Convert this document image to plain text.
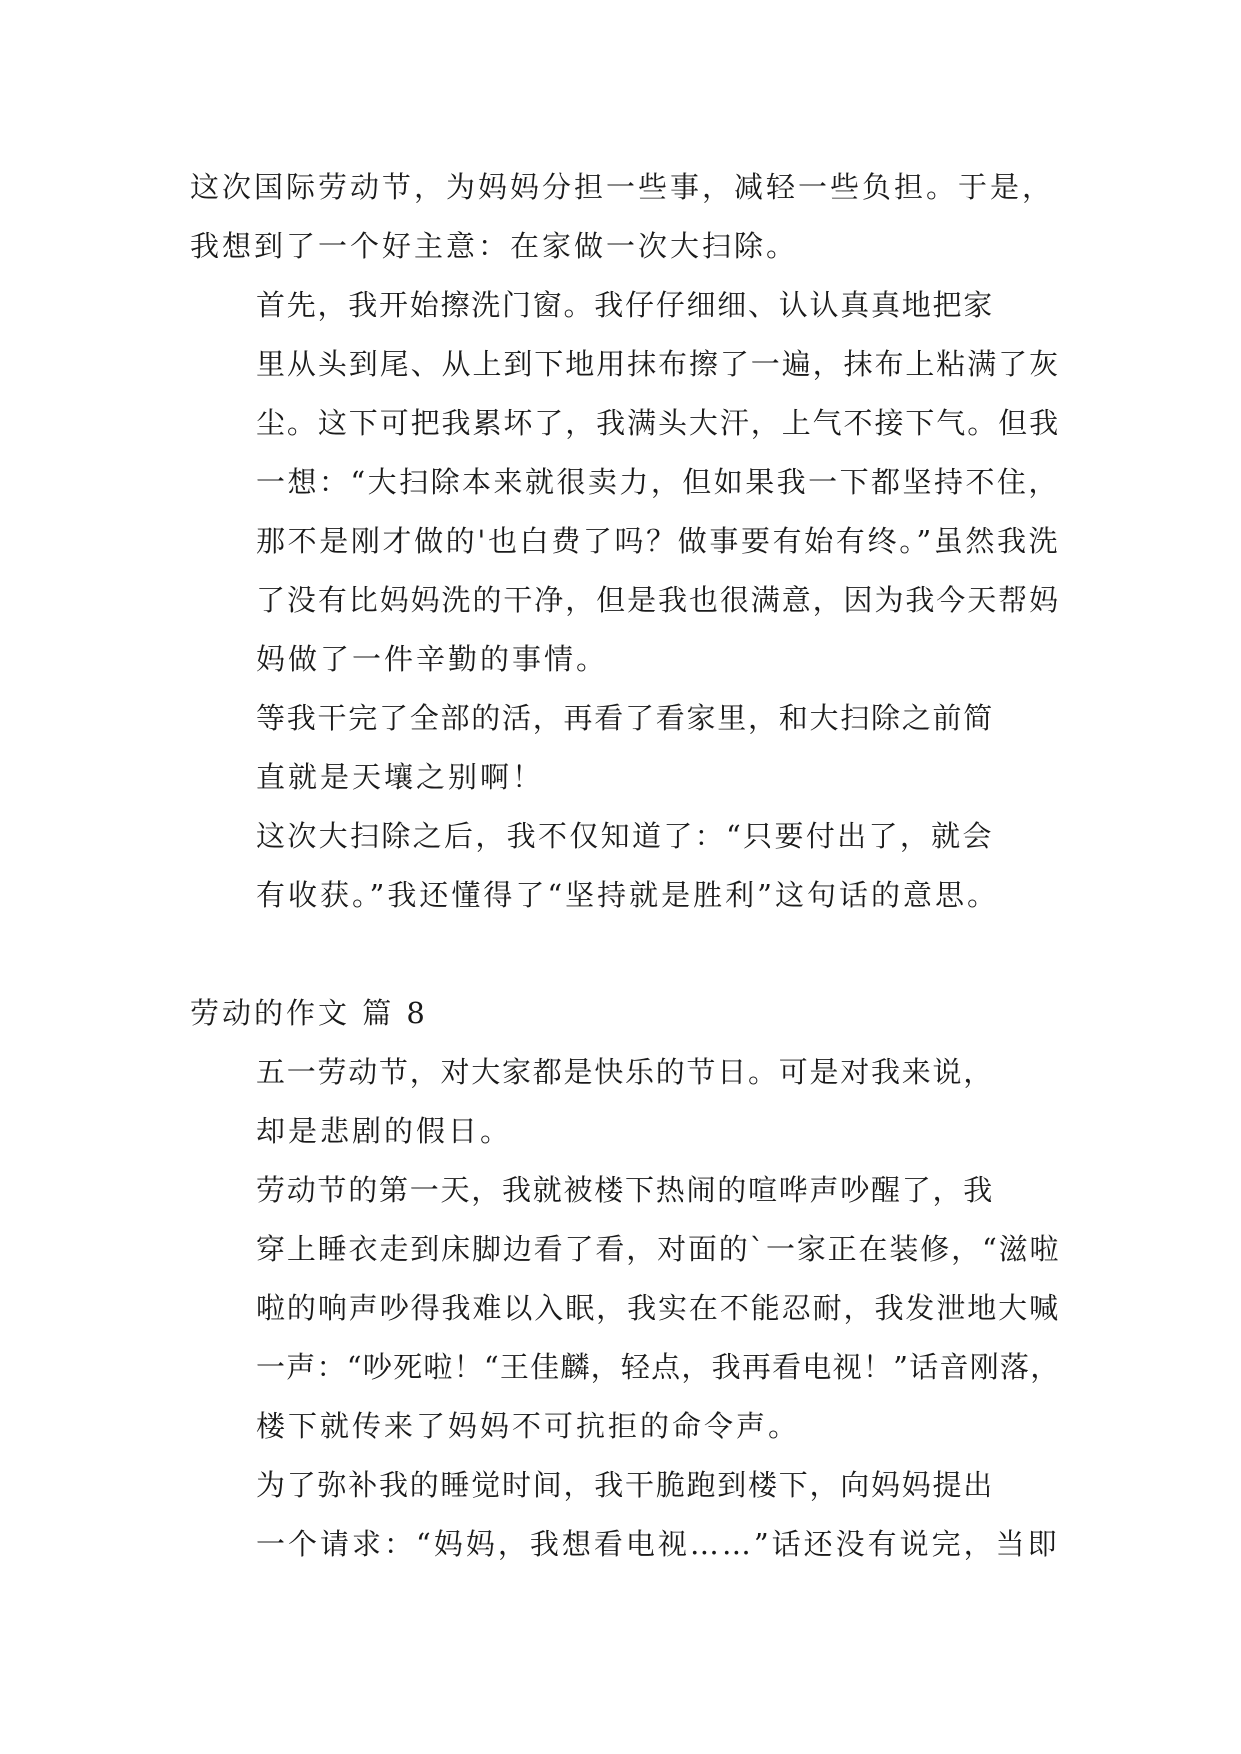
这次国际劳动节，为妈妈分担一些事，减轻一些负担。于是，
我想到了一个好主意：在家做一次大扫除。
首先，我开始擦洗门窗。我仔仔细细、认认真真地把家
里从头到尾、从上到下地用抹布擦了一遍，抹布上粘满了灰
尘。这下可把我累坏了，我满头大汗，上气不接下气。但我
一想：“大扫除本来就很卖力，但如果我一下都坚持不住，
那不是刚才做的'也白费了吗？做事要有始有终。”虽然我洗
了没有比妈妈洗的干净，但是我也很满意，因为我今天帮妈
妈做了一件辛勤的事情。
等我干完了全部的活，再看了看家里，和大扫除之前简
直就是天壤之别啊！
这次大扫除之后，我不仅知道了：“只要付出了，就会
有收获。”我还懂得了“坚持就是胜利”这句话的意思。
劳动的作文 篇 8
五一劳动节，对大家都是快乐的节日。可是对我来说，
却是悲剧的假日。
劳动节的第一天，我就被楼下热闹的喧哗声吵醒了，我
穿上睡衣走到床脚边看了看，对面的`一家正在装修，“滋啦
啦的响声吵得我难以入眠，我实在不能忍耐，我发泄地大喊
一声：“吵死啦！“王佳麟，轻点，我再看电视！”话音刚落，
楼下就传来了妈妈不可抗拒的命令声。
为了弥补我的睡觉时间，我干脆跑到楼下，向妈妈提出
一个请求：“妈妈，我想看电视……”话还没有说完，当即
